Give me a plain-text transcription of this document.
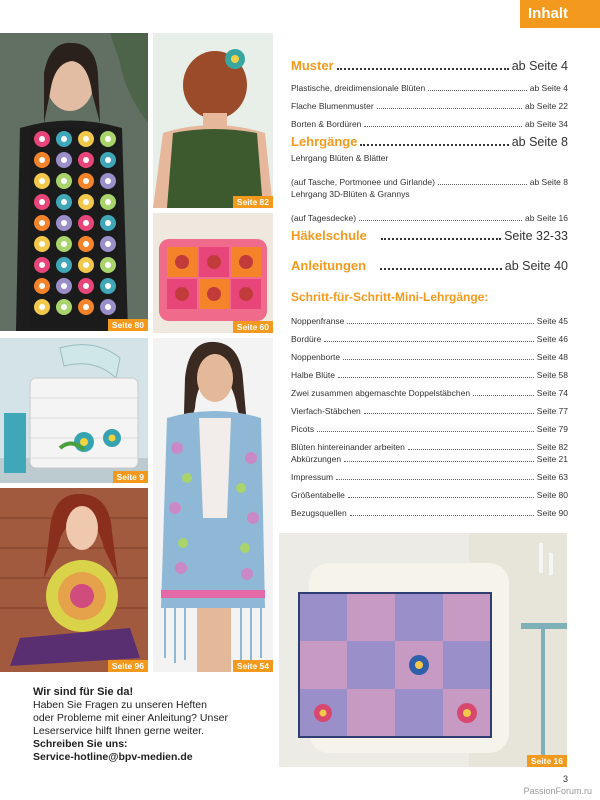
Inhalt
Seite 80
Seite 82
Seite 60
Seite 9
Seite 54
Seite 96
Seite 16
Muster	ab Seite 4
Plastische, dreidimensionale Blüten	ab Seite 4
Flache Blumenmuster	ab Seite 22
Borten & Bordüren	ab Seite 34
Lehrgänge	ab Seite 8
Lehrgang Blüten & Blätter
(auf Tasche, Portmonee und Girlande)	ab Seite 8
Lehrgang 3D-Blüten & Grannys
(auf Tagesdecke)	ab Seite 16
Häkelschule	Seite 32-33
Anleitungen	ab Seite 40
Schritt-für-Schritt-Mini-Lehrgänge:
Noppenfranse	Seite 45
Bordüre	Seite 46
Noppenborte	Seite 48
Halbe Blüte	Seite 58
Zwei zusammen abgemaschte Doppelstäbchen	Seite 74
Vierfach-Stäbchen	Seite 77
Picots	Seite 79
Blüten hintereinander arbeiten	Seite 82
Abkürzungen	Seite 21
Impressum	Seite 63
Größentabelle	Seite 80
Bezugsquellen	Seite 90
Wir sind für Sie da!
Haben Sie Fragen zu unseren Heften
oder Probleme mit einer Anleitung? Unser
Leserservice hilft Ihnen gerne weiter.
Schreiben Sie uns:
Service-hotline@bpv-medien.de
3
PassionForum.ru
